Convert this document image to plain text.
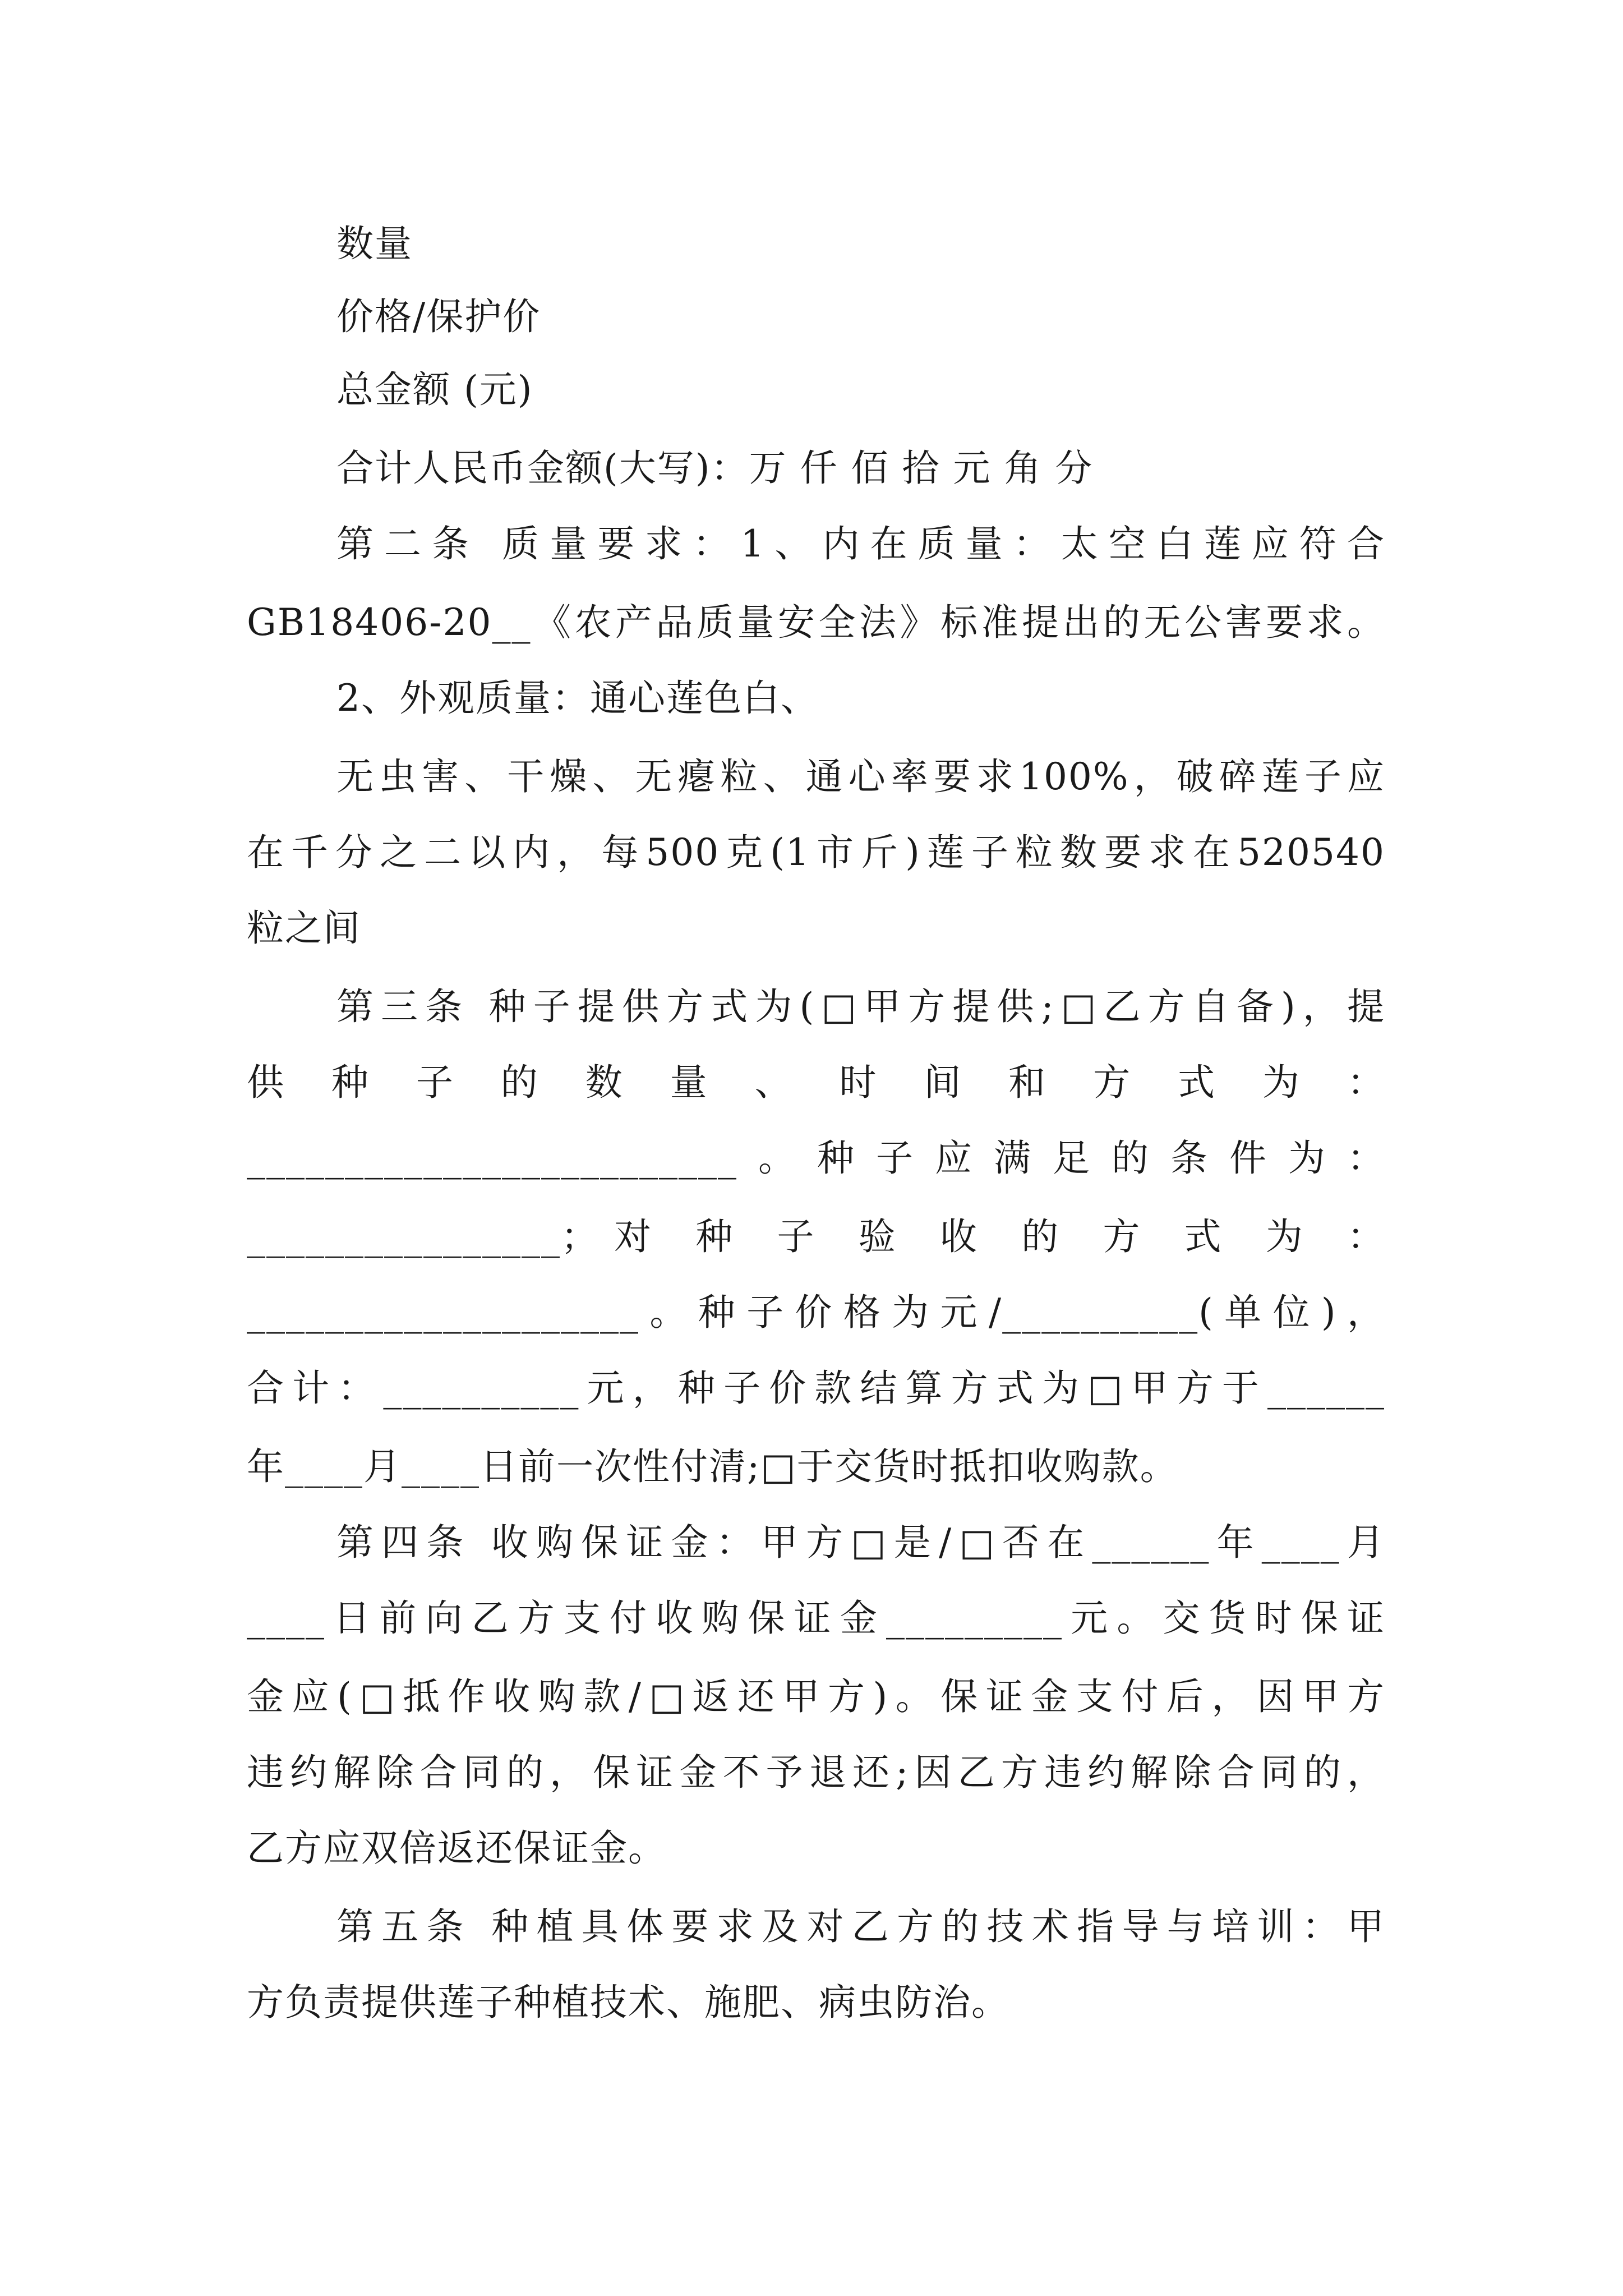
数量
价格/保护价
总金额 (元)
合计人民币金额(大写)：万 仟 佰 拾 元 角 分
第二条 质量要求：1、内在质量：太空白莲应符合
GB18406-20__《农产品质量安全法》标准提出的无公害要求。
2、外观质量：通心莲色白、
无虫害、干燥、无瘪粒、通心率要求100%，破碎莲子应
在千分之二以内，每500克(1市斤)莲子粒数要求在520540
粒之间
第三条 种子提供方式为(□甲方提供;□乙方自备)，提
供 种 子 的 数 量 、 时 间 和 方 式 为 ：
_________________________。种子应满足的条件为：
________________；对 种 子 验 收 的 方 式 为 ：
____________________。种子价格为元/__________(单位)，
合计：__________元，种子价款结算方式为□甲方于______
年____月____日前一次性付清;□于交货时抵扣收购款。
第四条 收购保证金：甲方□是/□否在______年____月
____日前向乙方支付收购保证金_________元。交货时保证
金应(□抵作收购款/□返还甲方)。保证金支付后，因甲方
违约解除合同的，保证金不予退还;因乙方违约解除合同的，
乙方应双倍返还保证金。
第五条 种植具体要求及对乙方的技术指导与培训：甲
方负责提供莲子种植技术、施肥、病虫防治。
